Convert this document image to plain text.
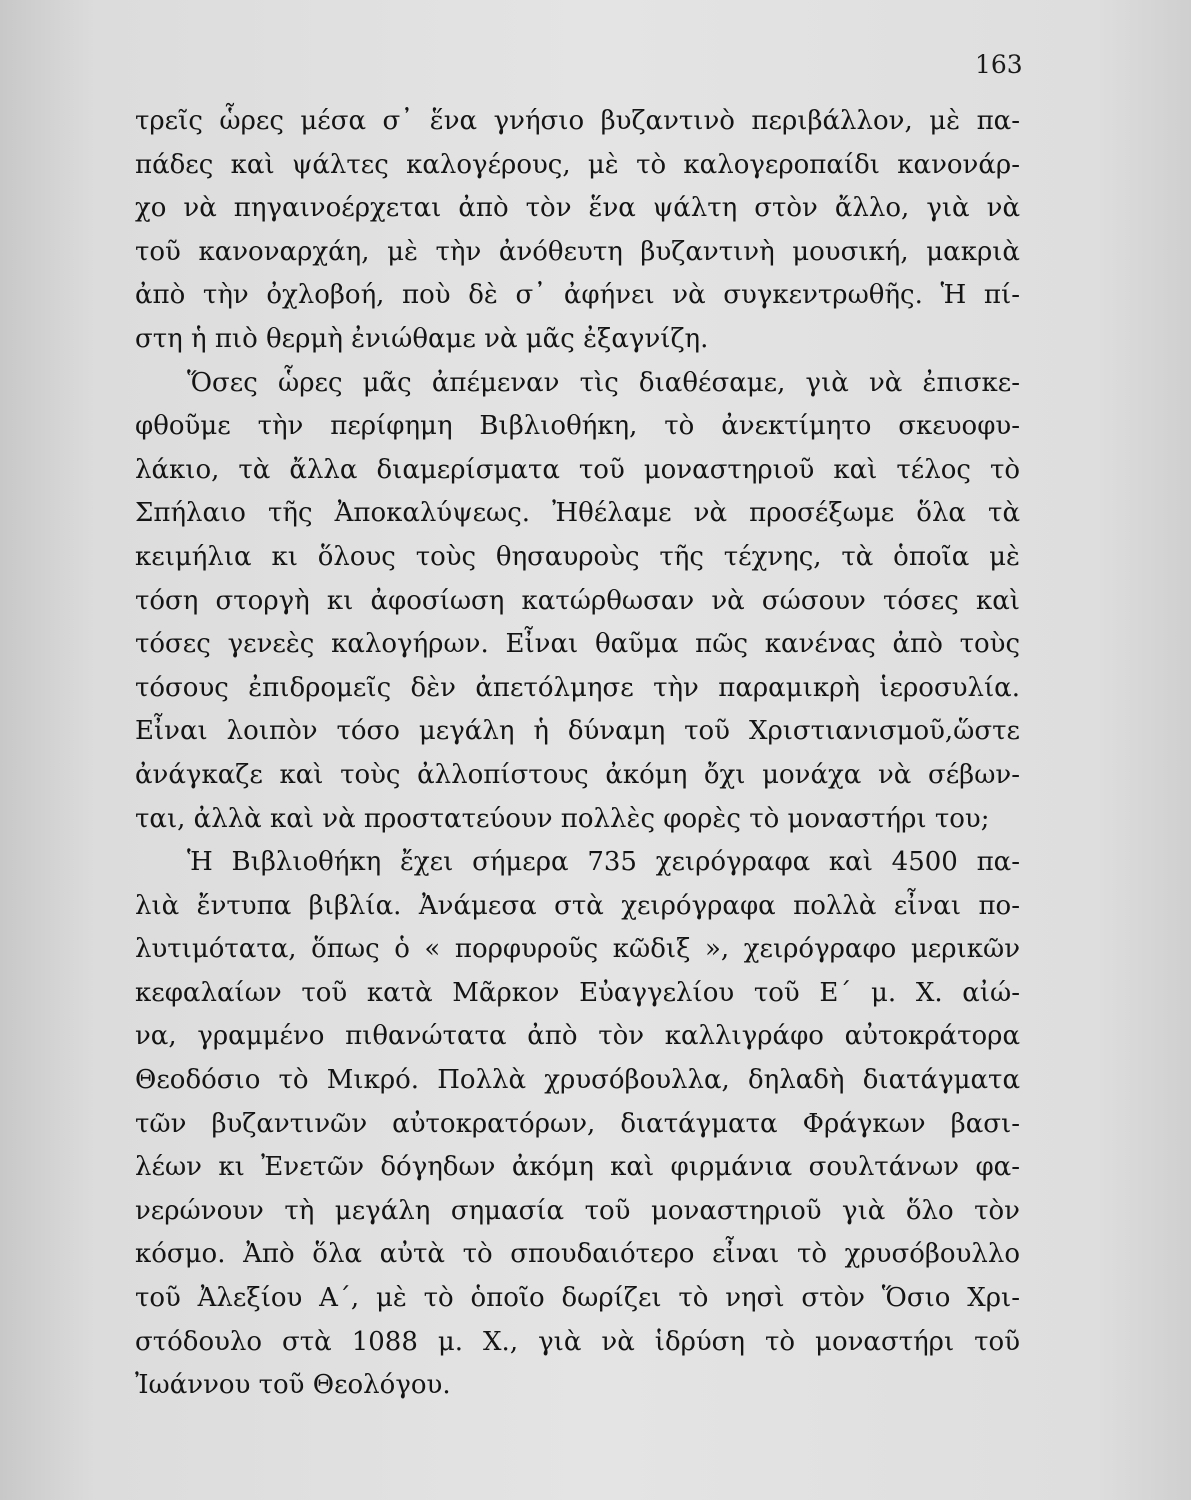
163
τρεῖς ὧρες μέσα σ᾽ ἕνα γνήσιο βυζαντινὸ περιβάλλον, μὲ πα-
πάδες καὶ ψάλτες καλογέρους, μὲ τὸ καλογεροπαίδι κανονάρ-
χο νὰ πηγαινοέρχεται ἀπὸ τὸν ἕνα ψάλτη στὸν ἄλλο, γιὰ νὰ
τοῦ κανοναρχάη, μὲ τὴν ἀνόθευτη βυζαντινὴ μουσική, μακριὰ
ἀπὸ τὴν ὀχλοβοή, ποὺ δὲ σ᾽ ἀφήνει νὰ συγκεντρωθῆς. Ἡ πί-
στη ἡ πιὸ θερμὴ ἐνιώθαμε νὰ μᾶς ἐξαγνίζη.
Ὅσες ὧρες μᾶς ἀπέμεναν τὶς διαθέσαμε, γιὰ νὰ ἐπισκε-
φθοῦμε τὴν περίφημη Βιβλιοθήκη, τὸ ἀνεκτίμητο σκευοφυ-
λάκιο, τὰ ἄλλα διαμερίσματα τοῦ μοναστηριοῦ καὶ τέλος τὸ
Σπήλαιο τῆς Ἀποκαλύψεως. Ἠθέλαμε νὰ προσέξωμε ὅλα τὰ
κειμήλια κι ὅλους τοὺς θησαυροὺς τῆς τέχνης, τὰ ὁποῖα μὲ
τόση στοργὴ κι ἀφοσίωση κατώρθωσαν νὰ σώσουν τόσες καὶ
τόσες γενεὲς καλογήρων. Εἶναι θαῦμα πῶς κανένας ἀπὸ τοὺς
τόσους ἐπιδρομεῖς δὲν ἀπετόλμησε τὴν παραμικρὴ ἱεροσυλία.
Εἶναι λοιπὸν τόσο μεγάλη ἡ δύναμη τοῦ Χριστιανισμοῦ,ὥστε
ἀνάγκαζε καὶ τοὺς ἀλλοπίστους ἀκόμη ὄχι μονάχα νὰ σέβων-
ται, ἀλλὰ καὶ νὰ προστατεύουν πολλὲς φορὲς τὸ μοναστήρι του;
Ἡ Βιβλιοθήκη ἔχει σήμερα 735 χειρόγραφα καὶ 4500 πα-
λιὰ ἔντυπα βιβλία. Ἀνάμεσα στὰ χειρόγραφα πολλὰ εἶναι πο-
λυτιμότατα, ὅπως ὁ « πορφυροῦς κῶδιξ », χειρόγραφο μερικῶν
κεφαλαίων τοῦ κατὰ Μᾶρκον Εὐαγγελίου τοῦ Ε΄ μ. Χ. αἰώ-
να, γραμμένο πιθανώτατα ἀπὸ τὸν καλλιγράφο αὐτοκράτορα
Θεοδόσιο τὸ Μικρό. Πολλὰ χρυσόβουλλα, δηλαδὴ διατάγματα
τῶν βυζαντινῶν αὐτοκρατόρων, διατάγματα Φράγκων βασι-
λέων κι Ἐνετῶν δόγηδων ἀκόμη καὶ φιρμάνια σουλτάνων φα-
νερώνουν τὴ μεγάλη σημασία τοῦ μοναστηριοῦ γιὰ ὅλο τὸν
κόσμο. Ἀπὸ ὅλα αὐτὰ τὸ σπουδαιότερο εἶναι τὸ χρυσόβουλλο
τοῦ Ἀλεξίου Α΄, μὲ τὸ ὁποῖο δωρίζει τὸ νησὶ στὸν Ὅσιο Χρι-
στόδουλο στὰ 1088 μ. Χ., γιὰ νὰ ἱδρύση τὸ μοναστήρι τοῦ
Ἰωάννου τοῦ Θεολόγου.
